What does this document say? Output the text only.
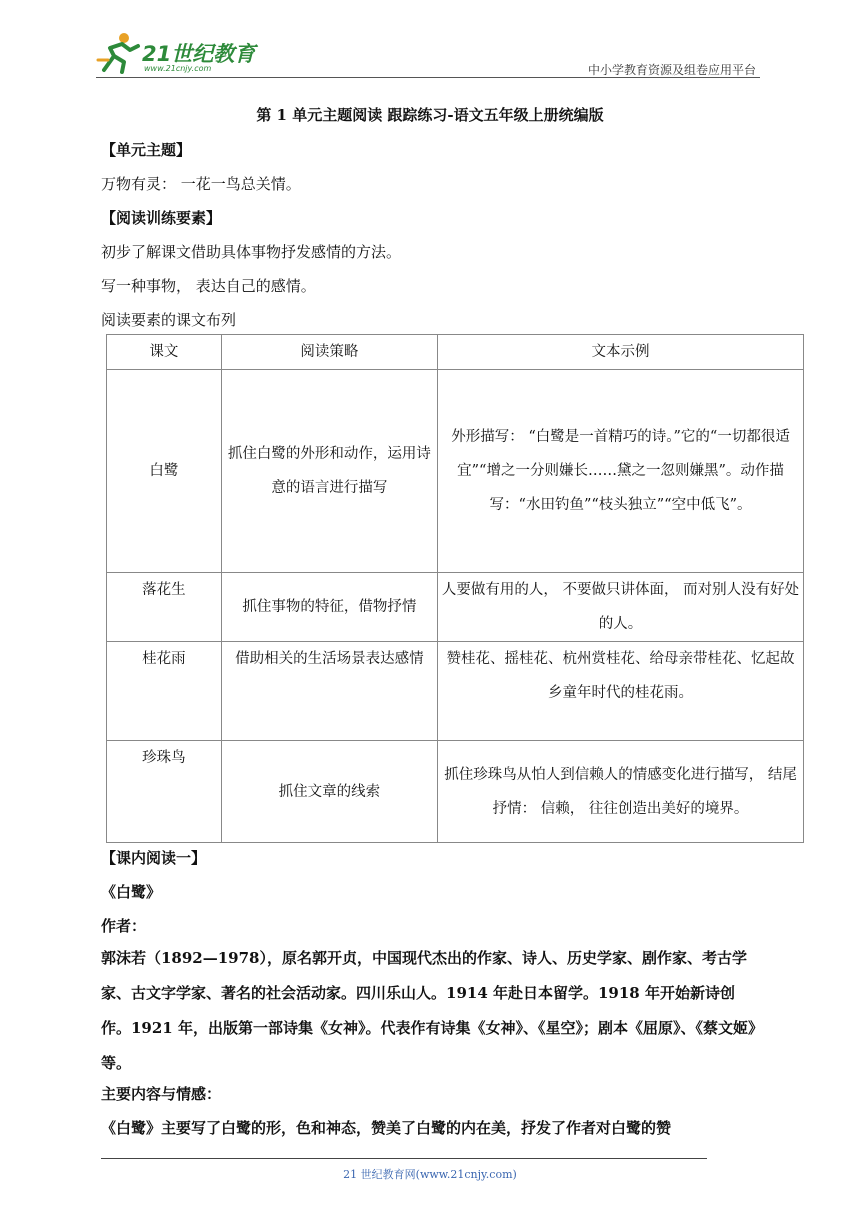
21世纪教育
www.21cnjy.com	中小学教育资源及组卷应用平台
第 1 单元主题阅读 跟踪练习-语文五年级上册统编版
【单元主题】
万物有灵： 一花一鸟总关情。
【阅读训练要素】
初步了解课文借助具体事物抒发感情的方法。
写一种事物， 表达自己的感情。
阅读要素的课文布列
课文	阅读策略	文本示例
白鹭	抓住白鹭的外形和动作，运用诗意的语言进行描写	外形描写： “白鹭是一首精巧的诗。”它的“一切都很适宜”“增之一分则嫌长……黛之一忽则嫌黑”。动作描写：“水田钓鱼”“枝头独立”“空中低飞”。
落花生	抓住事物的特征，借物抒情	人要做有用的人， 不要做只讲体面， 而对别人没有好处的人。
桂花雨	借助相关的生活场景表达感情	赞桂花、摇桂花、杭州赏桂花、给母亲带桂花、忆起故乡童年时代的桂花雨。
珍珠鸟	抓住文章的线索	抓住珍珠鸟从怕人到信赖人的情感变化进行描写， 结尾抒情： 信赖， 往往创造出美好的境界。
【课内阅读一】
《白鹭》
作者：
郭沫若（1892—1978），原名郭开贞，中国现代杰出的作家、诗人、历史学家、剧作家、考古学家、古文字学家、著名的社会活动家。四川乐山人。1914 年赴日本留学。1918 年开始新诗创作。1921 年，出版第一部诗集《女神》。代表作有诗集《女神》、《星空》；剧本《屈原》、《蔡文姬》等。
主要内容与情感：
《白鹭》主要写了白鹭的形，色和神态，赞美了白鹭的内在美，抒发了作者对白鹭的赞
21 世纪教育网(www.21cnjy.com)
